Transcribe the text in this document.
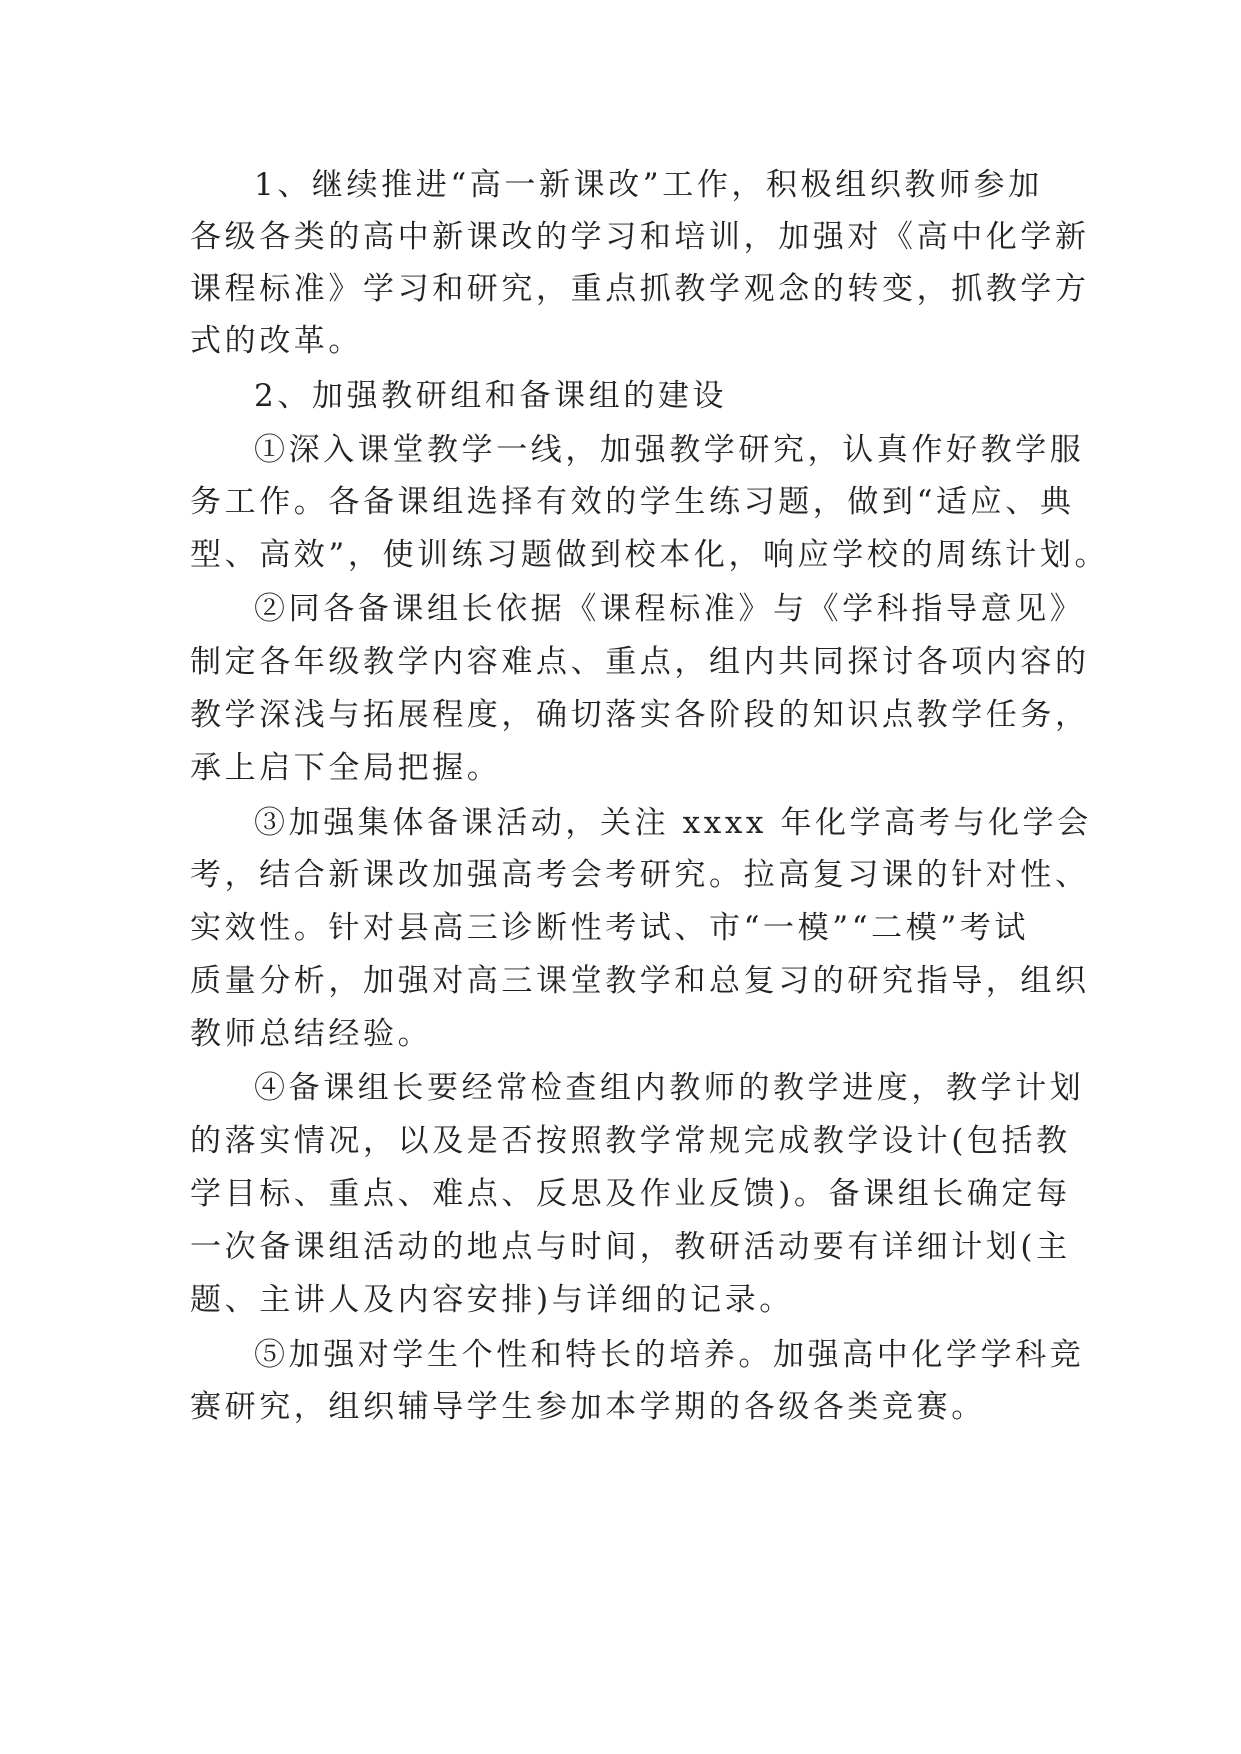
1、继续推进“高一新课改”工作，积极组织教师参加
各级各类的高中新课改的学习和培训，加强对《高中化学新
课程标准》学习和研究，重点抓教学观念的转变，抓教学方
式的改革。
2、加强教研组和备课组的建设
①深入课堂教学一线，加强教学研究，认真作好教学服
务工作。各备课组选择有效的学生练习题，做到“适应、典
型、高效”，使训练习题做到校本化，响应学校的周练计划。
②同各备课组长依据《课程标准》与《学科指导意见》
制定各年级教学内容难点、重点，组内共同探讨各项内容的
教学深浅与拓展程度，确切落实各阶段的知识点教学任务，
承上启下全局把握。
③加强集体备课活动，关注 xxxx 年化学高考与化学会
考，结合新课改加强高考会考研究。拉高复习课的针对性、
实效性。针对县高三诊断性考试、市“一模”“二模”考试
质量分析，加强对高三课堂教学和总复习的研究指导，组织
教师总结经验。
④备课组长要经常检查组内教师的教学进度，教学计划
的落实情况，以及是否按照教学常规完成教学设计(包括教
学目标、重点、难点、反思及作业反馈)。备课组长确定每
一次备课组活动的地点与时间，教研活动要有详细计划(主
题、主讲人及内容安排)与详细的记录。
⑤加强对学生个性和特长的培养。加强高中化学学科竞
赛研究，组织辅导学生参加本学期的各级各类竞赛。
